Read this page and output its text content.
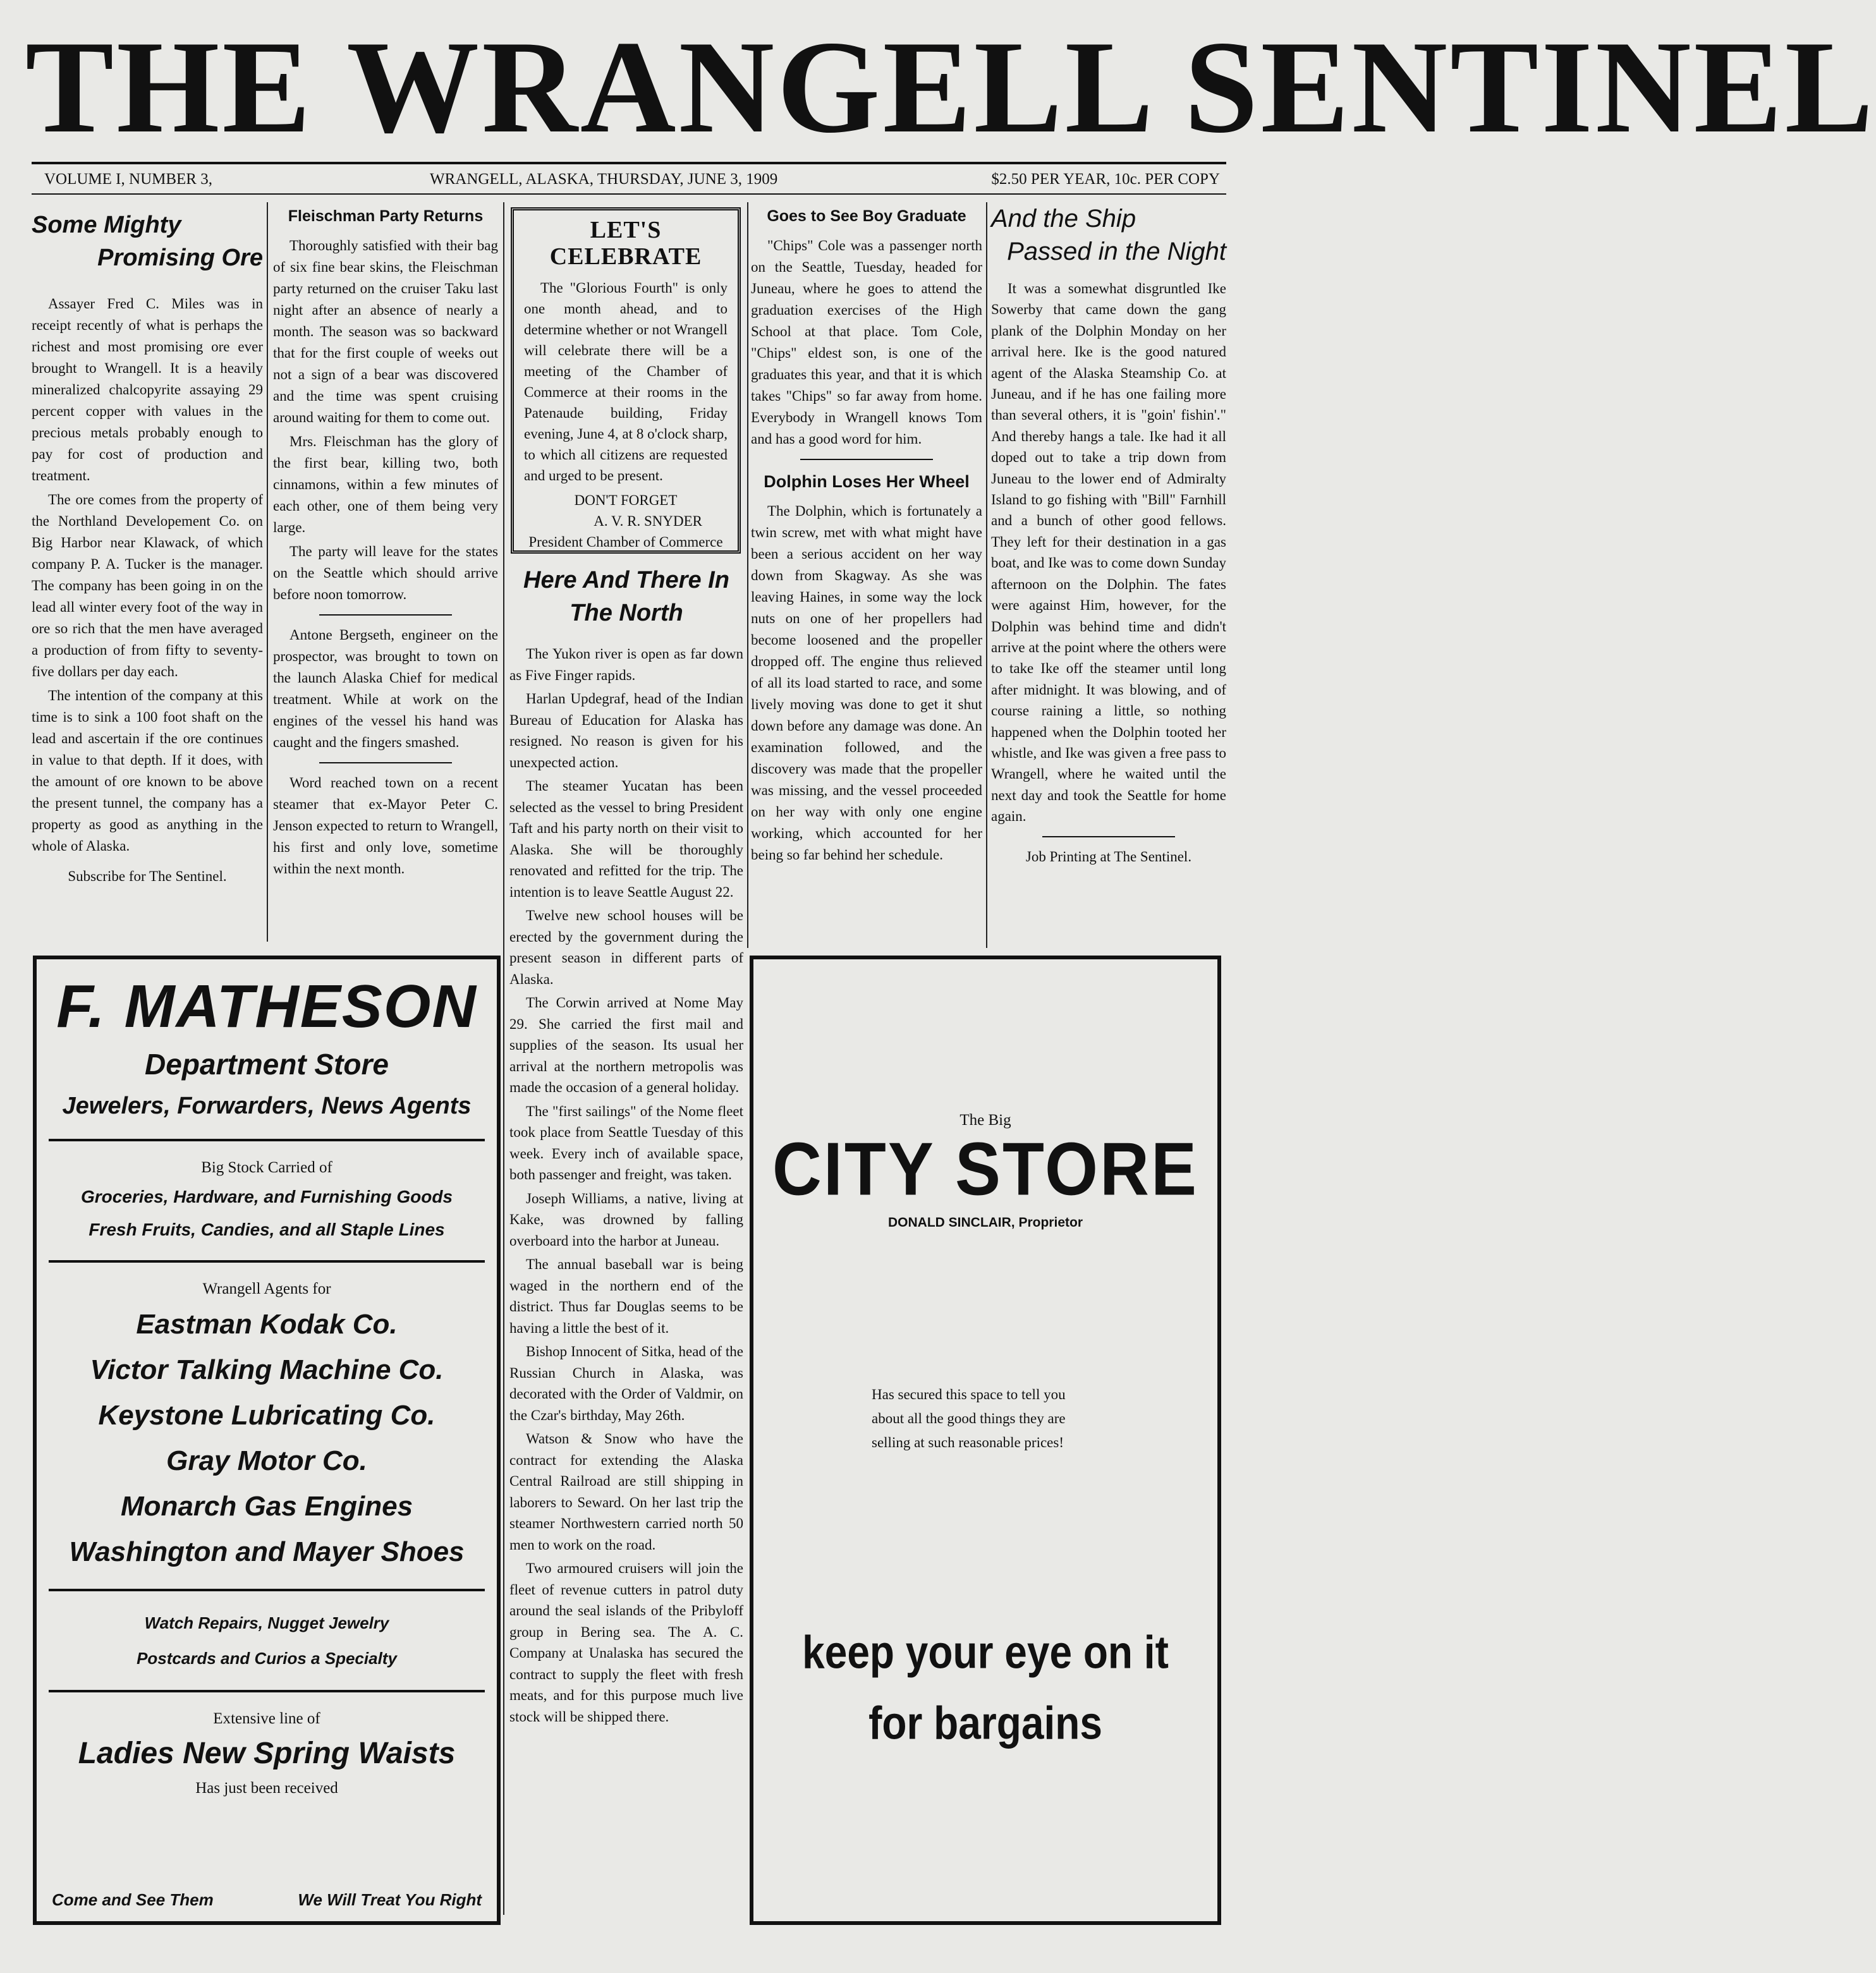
THE WRANGELL SENTINEL
VOLUME I, NUMBER 3,	WRANGELL, ALASKA, THURSDAY, JUNE 3, 1909	$2.50 PER YEAR, 10c. PER COPY
Some Mighty
Promising Ore

Assayer Fred C. Miles was in receipt recently of what is perhaps the richest and most promising ore ever brought to Wrangell. It is a heavily mineralized chalcopyrite assaying 29 percent copper with values in the precious metals probably enough to pay for cost of production and treatment.

The ore comes from the property of the Northland Developement Co. on Big Harbor near Klawack, of which company P. A. Tucker is the manager. The company has been going in on the lead all winter every foot of the way in ore so rich that the men have averaged a production of from fifty to seventy-five dollars per day each.

The intention of the company at this time is to sink a 100 foot shaft on the lead and ascertain if the ore continues in value to that depth. If it does, with the amount of ore known to be above the present tunnel, the company has a property as good as anything in the whole of Alaska.

Subscribe for The Sentinel.

Fleischman Party Returns

Thoroughly satisfied with their bag of six fine bear skins, the Fleischman party returned on the cruiser Taku last night after an absence of nearly a month. The season was so backward that for the first couple of weeks out not a sign of a bear was discovered and the time was spent cruising around waiting for them to come out.

Mrs. Fleischman has the glory of the first bear, killing two, both cinnamons, within a few minutes of each other, one of them being very large.

The party will leave for the states on the Seattle which should arrive before noon tomorrow.

Antone Bergseth, engineer on the prospector, was brought to town on the launch Alaska Chief for medical treatment. While at work on the engines of the vessel his hand was caught and the fingers smashed.

Word reached town on a recent steamer that ex-Mayor Peter C. Jenson expected to return to Wrangell, his first and only love, sometime within the next month.

LET'S
CELEBRATE

The "Glorious Fourth" is only one month ahead, and to determine whether or not Wrangell will celebrate there will be a meeting of the Chamber of Commerce at their rooms in the Patenaude building, Friday evening, June 4, at 8 o'clock sharp, to which all citizens are requested and urged to be present.

DON'T FORGET

A. V. R. SNYDER

President Chamber of Commerce

Here And There In
The North

The Yukon river is open as far down as Five Finger rapids.

Harlan Updegraf, head of the Indian Bureau of Education for Alaska has resigned. No reason is given for his unexpected action.

The steamer Yucatan has been selected as the vessel to bring President Taft and his party north on their visit to Alaska. She will be thoroughly renovated and refitted for the trip. The intention is to leave Seattle August 22.

Twelve new school houses will be erected by the government during the present season in different parts of Alaska.

The Corwin arrived at Nome May 29. She carried the first mail and supplies of the season. Its usual her arrival at the northern metropolis was made the occasion of a general holiday.

The "first sailings" of the Nome fleet took place from Seattle Tuesday of this week. Every inch of available space, both passenger and freight, was taken.

Joseph Williams, a native, living at Kake, was drowned by falling overboard into the harbor at Juneau.

The annual baseball war is being waged in the northern end of the district. Thus far Douglas seems to be having a little the best of it.

Bishop Innocent of Sitka, head of the Russian Church in Alaska, was decorated with the Order of Valdmir, on the Czar's birthday, May 26th.

Watson & Snow who have the contract for extending the Alaska Central Railroad are still shipping in laborers to Seward. On her last trip the steamer Northwestern carried north 50 men to work on the road.

Two armoured cruisers will join the fleet of revenue cutters in patrol duty around the seal islands of the Pribyloff group in Bering sea. The A. C. Company at Unalaska has secured the contract to supply the fleet with fresh meats, and for this purpose much live stock will be shipped there.

Goes to See Boy Graduate

"Chips" Cole was a passenger north on the Seattle, Tuesday, headed for Juneau, where he goes to attend the graduation exercises of the High School at that place. Tom Cole, "Chips" eldest son, is one of the graduates this year, and that it is which takes "Chips" so far away from home. Everybody in Wrangell knows Tom and has a good word for him.

Dolphin Loses Her Wheel

The Dolphin, which is fortunately a twin screw, met with what might have been a serious accident on her way down from Skagway. As she was leaving Haines, in some way the lock nuts on one of her propellers had become loosened and the propeller dropped off. The engine thus relieved of all its load started to race, and some lively moving was done to get it shut down before any damage was done. An examination followed, and the discovery was made that the propeller was missing, and the vessel proceeded on her way with only one engine working, which accounted for her being so far behind her schedule.

And the Ship
Passed in the Night

It was a somewhat disgruntled Ike Sowerby that came down the gang plank of the Dolphin Monday on her arrival here. Ike is the good natured agent of the Alaska Steamship Co. at Juneau, and if he has one failing more than several others, it is "goin' fishin'." And thereby hangs a tale. Ike had it all doped out to take a trip down from Juneau to the lower end of Admiralty Island to go fishing with "Bill" Farnhill and a bunch of other good fellows. They left for their destination in a gas boat, and Ike was to come down Sunday afternoon on the Dolphin. The fates were against Him, however, for the Dolphin was behind time and didn't arrive at the point where the others were to take Ike off the steamer until long after midnight. It was blowing, and of course raining a little, so nothing happened when the Dolphin tooted her whistle, and Ike was given a free pass to Wrangell, where he waited until the next day and took the Seattle for home again.

Job Printing at The Sentinel.

F. MATHESON
Department Store
Jewelers, Forwarders, News Agents
Big Stock Carried of
Groceries, Hardware, and Furnishing Goods
Fresh Fruits, Candies, and all Staple Lines
Wrangell Agents for
Eastman Kodak Co.
Victor Talking Machine Co.
Keystone Lubricating Co.
Gray Motor Co.
Monarch Gas Engines
Washington and Mayer Shoes
Watch Repairs, Nugget Jewelry
Postcards and Curios a Specialty
Extensive line of
Ladies New Spring Waists
Has just been received
Come and See Them	We Will Treat You Right
The Big
CITY STORE
DONALD SINCLAIR, Proprietor
Has secured this space to tell you about all the good things they are selling at such reasonable prices!
keep your eye on it
for bargains
